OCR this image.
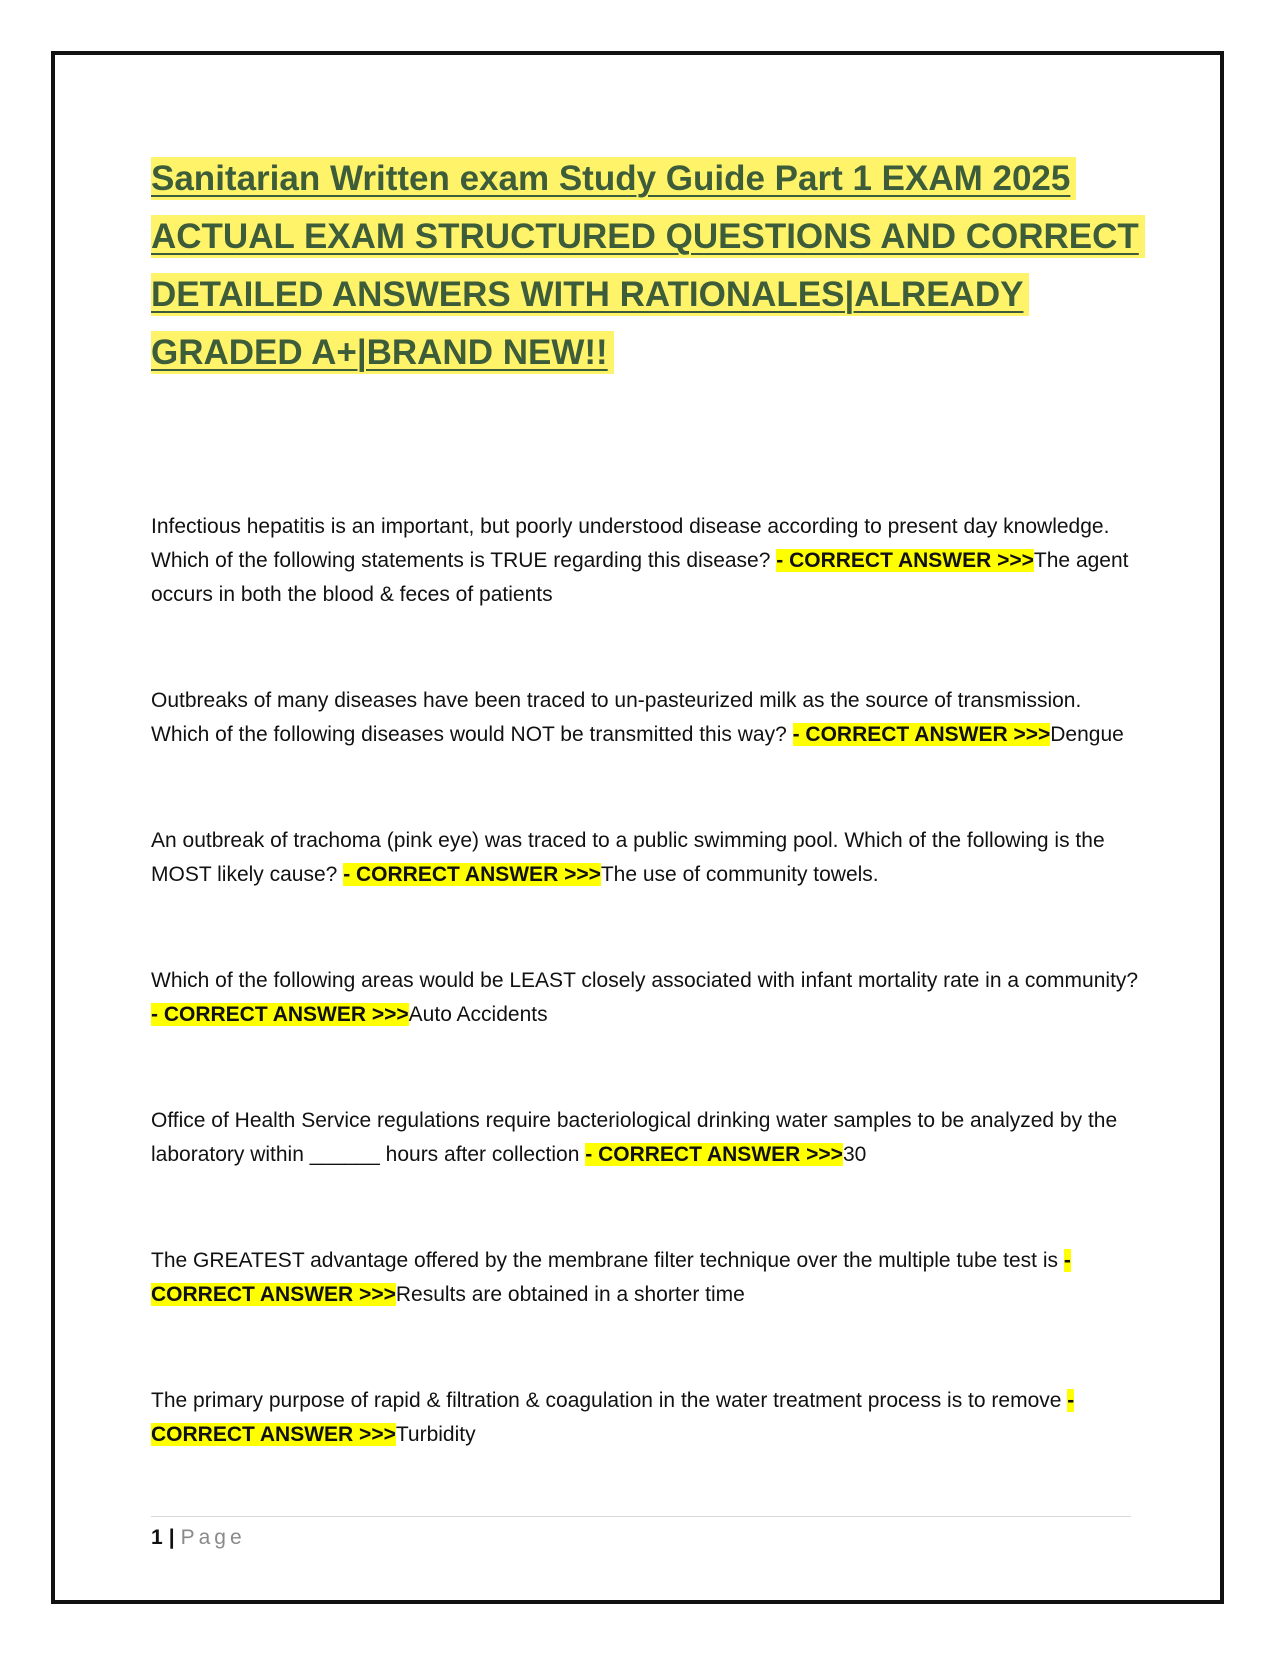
Sanitarian Written exam Study Guide Part 1 EXAM 2025 ACTUAL EXAM STRUCTURED QUESTIONS AND CORRECT DETAILED ANSWERS WITH RATIONALES|ALREADY GRADED A+|BRAND NEW!!

Infectious hepatitis is an important, but poorly understood disease according to present day knowledge. Which of the following statements is TRUE regarding this disease? - CORRECT ANSWER >>>The agent occurs in both the blood & feces of patients

Outbreaks of many diseases have been traced to un-pasteurized milk as the source of transmission. Which of the following diseases would NOT be transmitted this way? - CORRECT ANSWER >>>Dengue

An outbreak of trachoma (pink eye) was traced to a public swimming pool. Which of the following is the MOST likely cause? - CORRECT ANSWER >>>The use of community towels.

Which of the following areas would be LEAST closely associated with infant mortality rate in a community? - CORRECT ANSWER >>>Auto Accidents

Office of Health Service regulations require bacteriological drinking water samples to be analyzed by the laboratory within ______ hours after collection - CORRECT ANSWER >>>30

The GREATEST advantage offered by the membrane filter technique over the multiple tube test is - CORRECT ANSWER >>>Results are obtained in a shorter time

The primary purpose of rapid & filtration & coagulation in the water treatment process is to remove - CORRECT ANSWER >>>Turbidity

1 | Page
